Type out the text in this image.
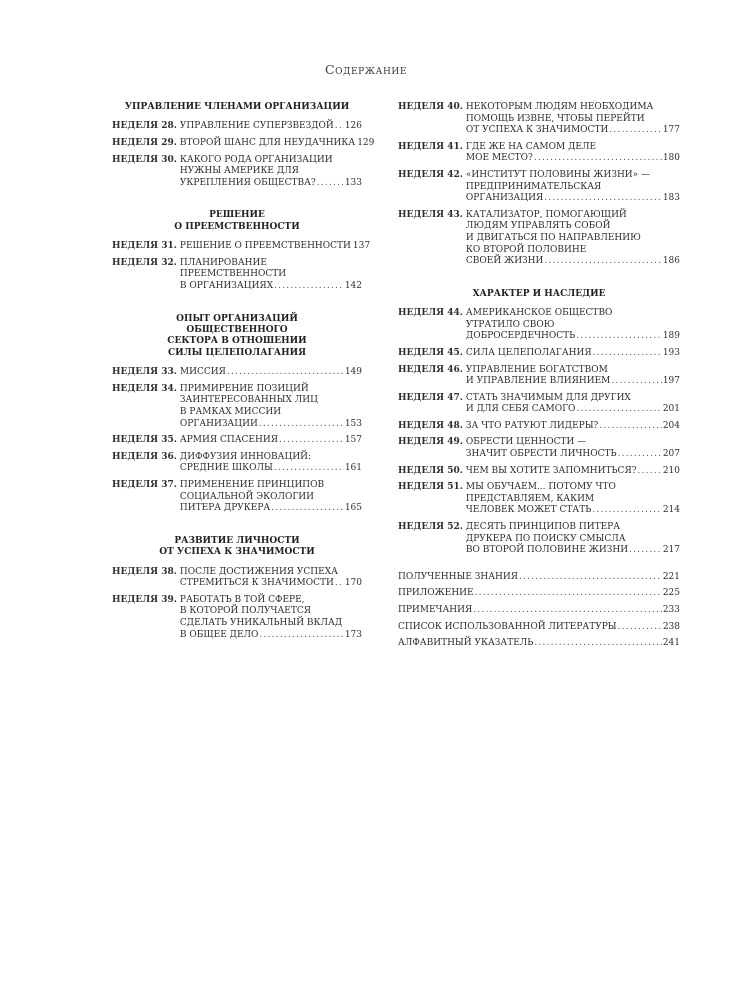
Содержание
УПРАВЛЕНИЕ ЧЛЕНАМИ ОРГАНИЗАЦИИ
НЕДЕЛЯ 28. УПРАВЛЕНИЕ СУПЕРЗВЕЗДОЙ ..... 126
НЕДЕЛЯ 29. ВТОРОЙ ШАНС ДЛЯ НЕУДАЧНИКА 129
НЕДЕЛЯ 30. КАКОГО РОДА ОРГАНИЗАЦИИ
НУЖНЫ АМЕРИКЕ ДЛЯ
УКРЕПЛЕНИЯ ОБЩЕСТВА? .....	133
РЕШЕНИЕ
О ПРЕЕМСТВЕННОСТИ
НЕДЕЛЯ 31. РЕШЕНИЕ О ПРЕЕМСТВЕННОСТИ 137
НЕДЕЛЯ 32. ПЛАНИРОВАНИЕ
ПРЕЕМСТВЕННОСТИ
В ОРГАНИЗАЦИЯХ .....	142
ОПЫТ ОРГАНИЗАЦИЙ
ОБЩЕСТВЕННОГО
СЕКТОРА В ОТНОШЕНИИ
СИЛЫ ЦЕЛЕПОЛАГАНИЯ
НЕДЕЛЯ 33. МИССИЯ .....	149
НЕДЕЛЯ 34. ПРИМИРЕНИЕ ПОЗИЦИЙ
ЗАИНТЕРЕСОВАННЫХ ЛИЦ
В РАМКАХ МИССИИ
ОРГАНИЗАЦИИ .....	153
НЕДЕЛЯ 35. АРМИЯ СПАСЕНИЯ .....	157
НЕДЕЛЯ 36. ДИФФУЗИЯ ИННОВАЦИЙ:
СРЕДНИЕ ШКОЛЫ .....	161
НЕДЕЛЯ 37. ПРИМЕНЕНИЕ ПРИНЦИПОВ
СОЦИАЛЬНОЙ ЭКОЛОГИИ
ПИТЕРА ДРУКЕРА .....	165
РАЗВИТИЕ ЛИЧНОСТИ
ОТ УСПЕХА К ЗНАЧИМОСТИ
НЕДЕЛЯ 38. ПОСЛЕ ДОСТИЖЕНИЯ УСПЕХА
СТРЕМИТЬСЯ К ЗНАЧИМОСТИ ..... 170
НЕДЕЛЯ 39. РАБОТАТЬ В ТОЙ СФЕРЕ,
В КОТОРОЙ ПОЛУЧАЕТСЯ
СДЕЛАТЬ УНИКАЛЬНЫЙ ВКЛАД
В ОБЩЕЕ ДЕЛО .....	173
НЕДЕЛЯ 40. НЕКОТОРЫМ ЛЮДЯМ НЕОБХОДИМА
ПОМОЩЬ ИЗВНЕ, ЧТОБЫ ПЕРЕЙТИ
ОТ УСПЕХА К ЗНАЧИМОСТИ .....	177
НЕДЕЛЯ 41. ГДЕ ЖЕ НА САМОМ ДЕЛЕ
МОЕ МЕСТО? .....	180
НЕДЕЛЯ 42. «ИНСТИТУТ ПОЛОВИНЫ ЖИЗНИ» —
ПРЕДПРИНИМАТЕЛЬСКАЯ
ОРГАНИЗАЦИЯ .....	183
НЕДЕЛЯ 43. КАТАЛИЗАТОР, ПОМОГАЮЩИЙ
ЛЮДЯМ УПРАВЛЯТЬ СОБОЙ
И ДВИГАТЬСЯ ПО НАПРАВЛЕНИЮ
КО ВТОРОЙ ПОЛОВИНЕ
СВОЕЙ ЖИЗНИ .....	186
ХАРАКТЕР И НАСЛЕДИЕ
НЕДЕЛЯ 44. АМЕРИКАНСКОЕ ОБЩЕСТВО
УТРАТИЛО СВОЮ
ДОБРОСЕРДЕЧНОСТЬ .....	189
НЕДЕЛЯ 45. СИЛА ЦЕЛЕПОЛАГАНИЯ .....	193
НЕДЕЛЯ 46. УПРАВЛЕНИЕ БОГАТСТВОМ
И УПРАВЛЕНИЕ ВЛИЯНИЕМ .....	197
НЕДЕЛЯ 47. СТАТЬ ЗНАЧИМЫМ ДЛЯ ДРУГИХ
И ДЛЯ СЕБЯ САМОГО .....	201
НЕДЕЛЯ 48. ЗА ЧТО РАТУЮТ ЛИДЕРЫ? .....	204
НЕДЕЛЯ 49. ОБРЕСТИ ЦЕННОСТИ —
ЗНАЧИТ ОБРЕСТИ ЛИЧНОСТЬ .....	207
НЕДЕЛЯ 50. ЧЕМ ВЫ ХОТИТЕ ЗАПОМНИТЬСЯ? .....	210
НЕДЕЛЯ 51. МЫ ОБУЧАЕМ... ПОТОМУ ЧТО
ПРЕДСТАВЛЯЕМ, КАКИМ
ЧЕЛОВЕК МОЖЕТ СТАТЬ .....	214
НЕДЕЛЯ 52. ДЕСЯТЬ ПРИНЦИПОВ ПИТЕРА
ДРУКЕРА ПО ПОИСКУ СМЫСЛА
ВО ВТОРОЙ ПОЛОВИНЕ ЖИЗНИ .....	217
ПОЛУЧЕННЫЕ ЗНАНИЯ .....	221
ПРИЛОЖЕНИЕ .....	225
ПРИМЕЧАНИЯ .....	233
СПИСОК ИСПОЛЬЗОВАННОЙ ЛИТЕРАТУРЫ .....	238
АЛФАВИТНЫЙ УКАЗАТЕЛЬ .....	241
